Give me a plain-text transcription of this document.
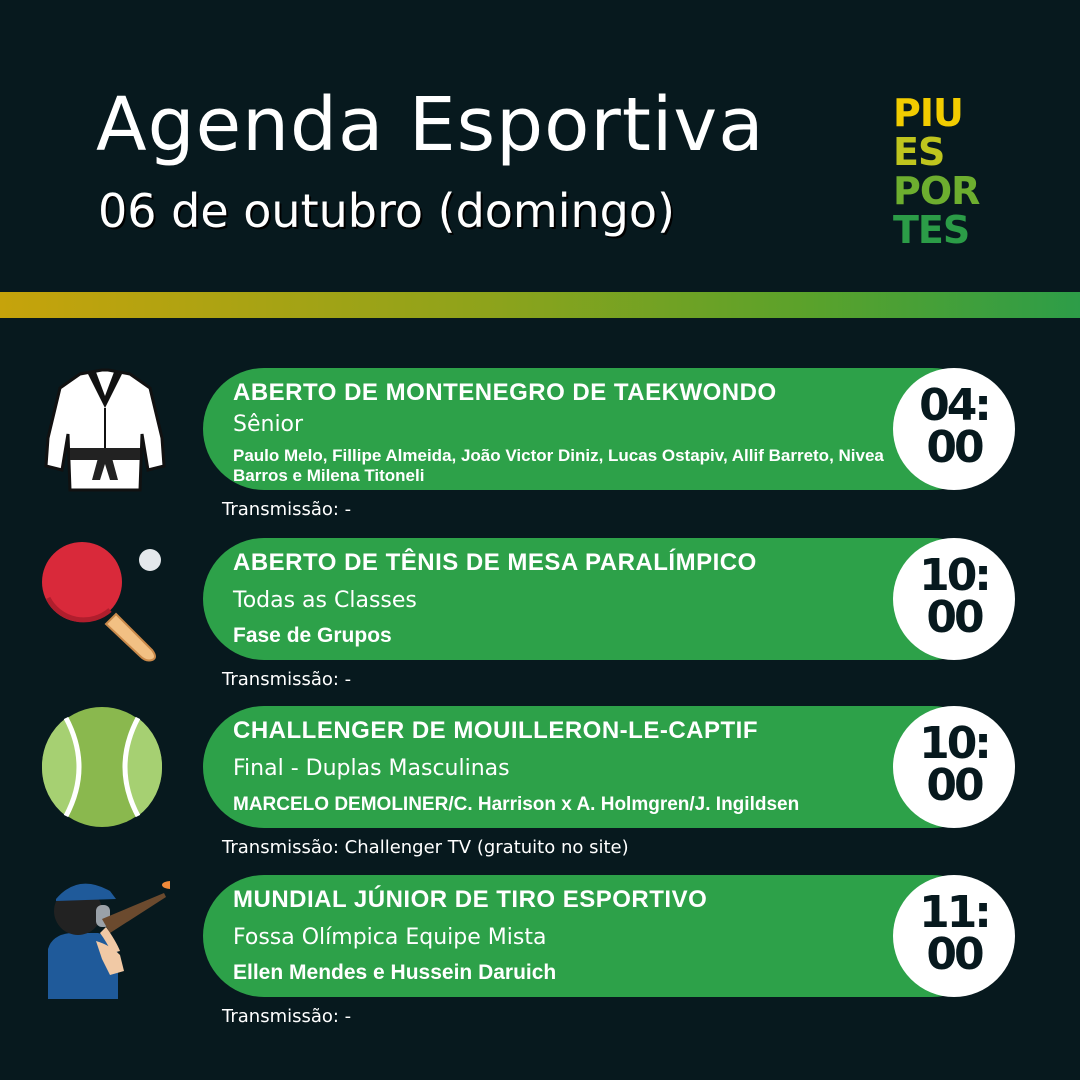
Agenda Esportiva
06 de outubro (domingo)
PIU
ES
POR
TES
ABERTO DE MONTENEGRO DE TAEKWONDO
Sênior
Paulo Melo, Fillipe Almeida, João Victor Diniz, Lucas Ostapiv, Allif Barreto, Nivea Barros e Milena Titoneli
04:
00
Transmissão: -
ABERTO DE TÊNIS DE MESA PARALÍMPICO
Todas as Classes
Fase de Grupos
10:
00
Transmissão: -
CHALLENGER DE MOUILLERON-LE-CAPTIF
Final - Duplas Masculinas
MARCELO DEMOLINER/C. Harrison x A. Holmgren/J. Ingildsen
10:
00
Transmissão: Challenger TV (gratuito no site)
MUNDIAL JÚNIOR DE TIRO ESPORTIVO
Fossa Olímpica Equipe Mista
Ellen Mendes e Hussein Daruich
11:
00
Transmissão: -
